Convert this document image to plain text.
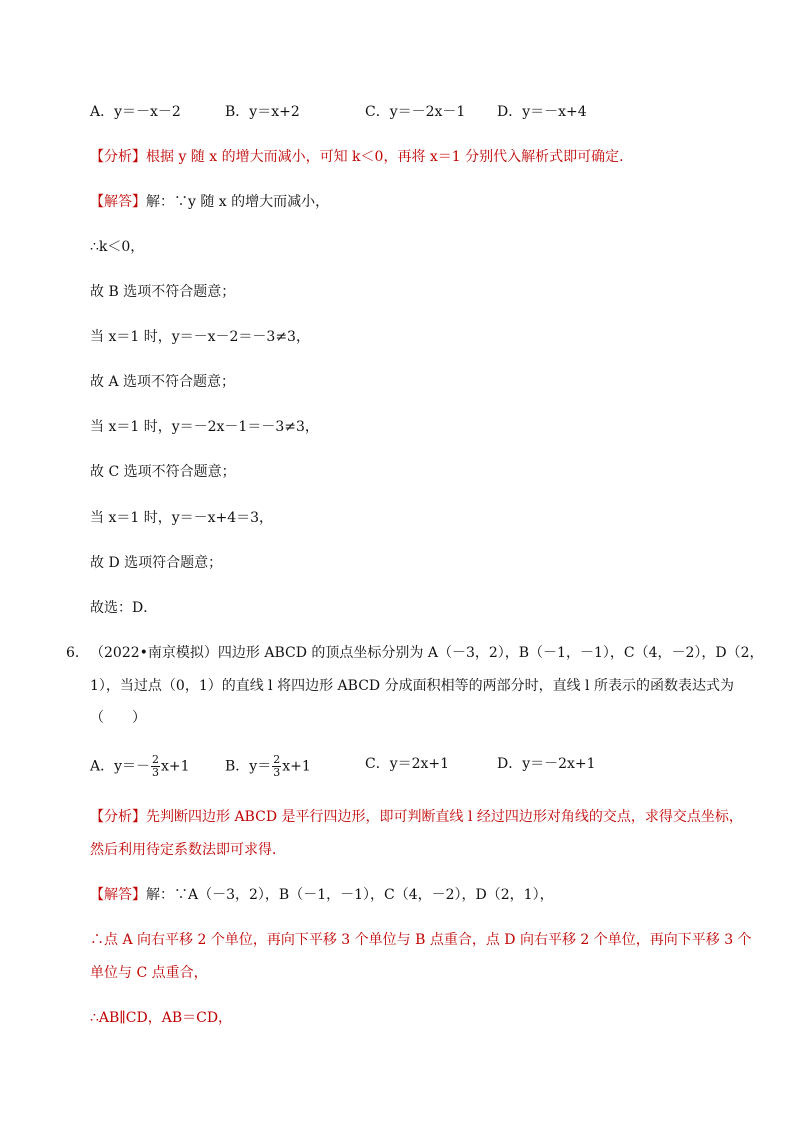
A．y＝－x－2	B．y＝x+2	C．y＝－2x－1 D．y＝－x+4
【分析】根据 y 随 x 的增大而减小，可知 k＜0，再将 x＝1 分别代入解析式即可确定．
【解答】解：∵y 随 x 的增大而减小，
∴k＜0，
故 B 选项不符合题意；
当 x＝1 时，y＝－x－2＝－3≠3，
故 A 选项不符合题意；
当 x＝1 时，y＝－2x－1＝－3≠3，
故 C 选项不符合题意；
当 x＝1 时，y＝－x+4＝3，
故 D 选项符合题意；
故选：D．
6． （2022•南京模拟）四边形 ABCD 的顶点坐标分别为 A（－3，2），B（－1，－1），C（4，－2），D（2，
1），当过点（0，1）的直线 l 将四边形 ABCD 分成面积相等的两部分时，直线 l 所表示的函数表达式为
（　　）
A．$y=- \frac{2}{3} x+1$	B．$y= \frac{2}{3} x+1$	C．y＝2x+1	D．y＝－2x+1
【分析】先判断四边形 ABCD 是平行四边形，即可判断直线 l 经过四边形对角线的交点，求得交点坐标，
然后利用待定系数法即可求得．
【解答】解：∵A（－3，2），B（－1，－1），C（4，－2），D（2，1），
∴点 A 向右平移 2 个单位，再向下平移 3 个单位与 B 点重合，点 D 向右平移 2 个单位，再向下平移 3 个
单位与 C 点重合，
∴AB∥CD，AB＝CD，
